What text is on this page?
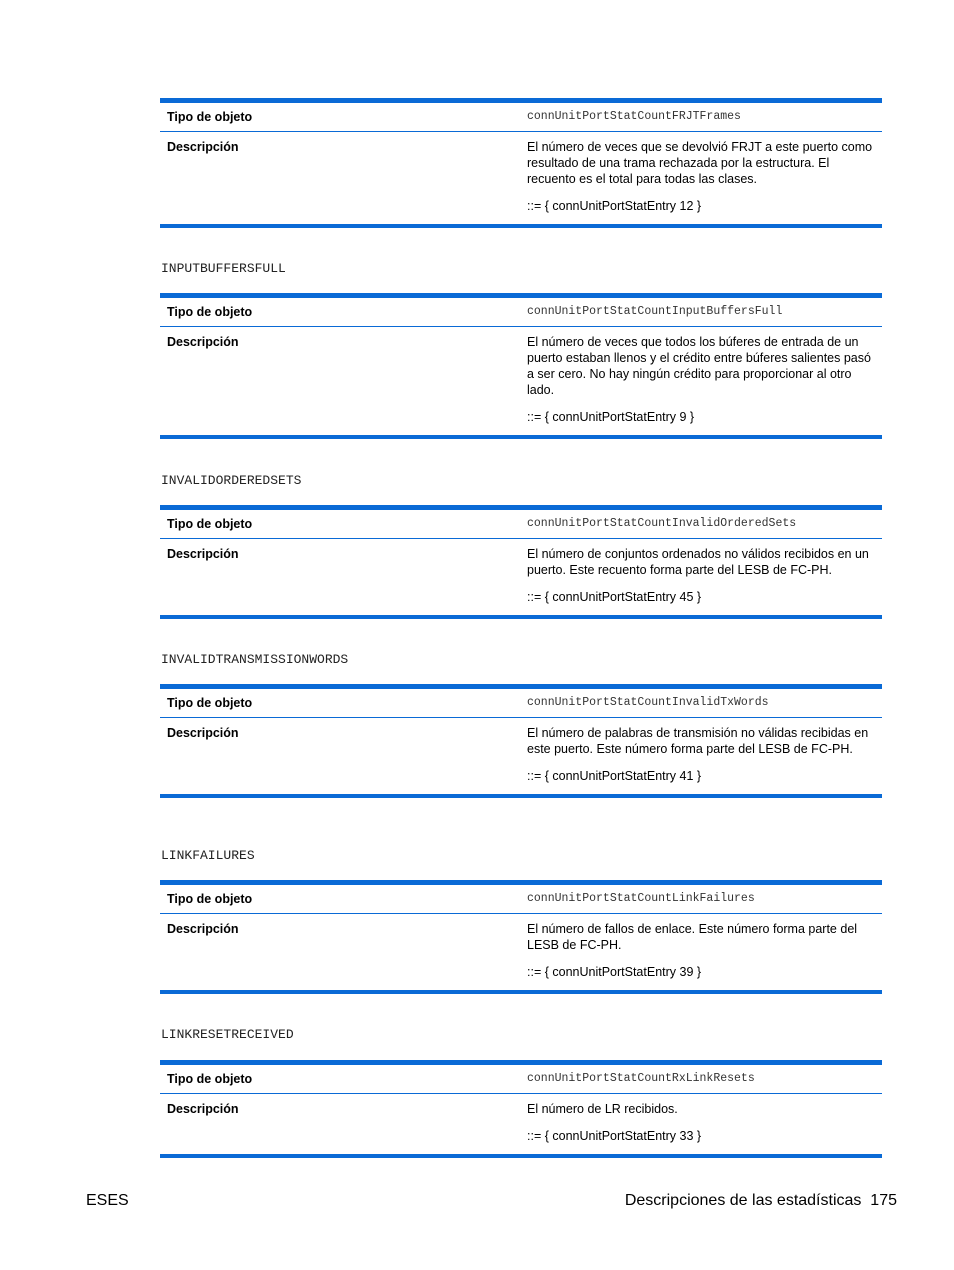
Tipo de objeto	connUnitPortStatCountFRJTFrames
Descripción	El número de veces que se devolvió FRJT a este puerto como resultado de una trama rechazada por la estructura. El recuento es el total para todas las clases.
::= { connUnitPortStatEntry 12 }
INPUTBUFFERSFULL
Tipo de objeto	connUnitPortStatCountInputBuffersFull
Descripción	El número de veces que todos los búferes de entrada de un puerto estaban llenos y el crédito entre búferes salientes pasó a ser cero. No hay ningún crédito para proporcionar al otro lado.
::= { connUnitPortStatEntry 9 }
INVALIDORDEREDSETS
Tipo de objeto	connUnitPortStatCountInvalidOrderedSets
Descripción	El número de conjuntos ordenados no válidos recibidos en un puerto. Este recuento forma parte del LESB de FC-PH.
::= { connUnitPortStatEntry 45 }
INVALIDTRANSMISSIONWORDS
Tipo de objeto	connUnitPortStatCountInvalidTxWords
Descripción	El número de palabras de transmisión no válidas recibidas en este puerto. Este número forma parte del LESB de FC-PH.
::= { connUnitPortStatEntry 41 }
LINKFAILURES
Tipo de objeto	connUnitPortStatCountLinkFailures
Descripción	El número de fallos de enlace. Este número forma parte del LESB de FC-PH.
::= { connUnitPortStatEntry 39 }
LINKRESETRECEIVED
Tipo de objeto	connUnitPortStatCountRxLinkResets
Descripción	El número de LR recibidos.
::= { connUnitPortStatEntry 33 }
ESES	Descripciones de las estadísticas 175
